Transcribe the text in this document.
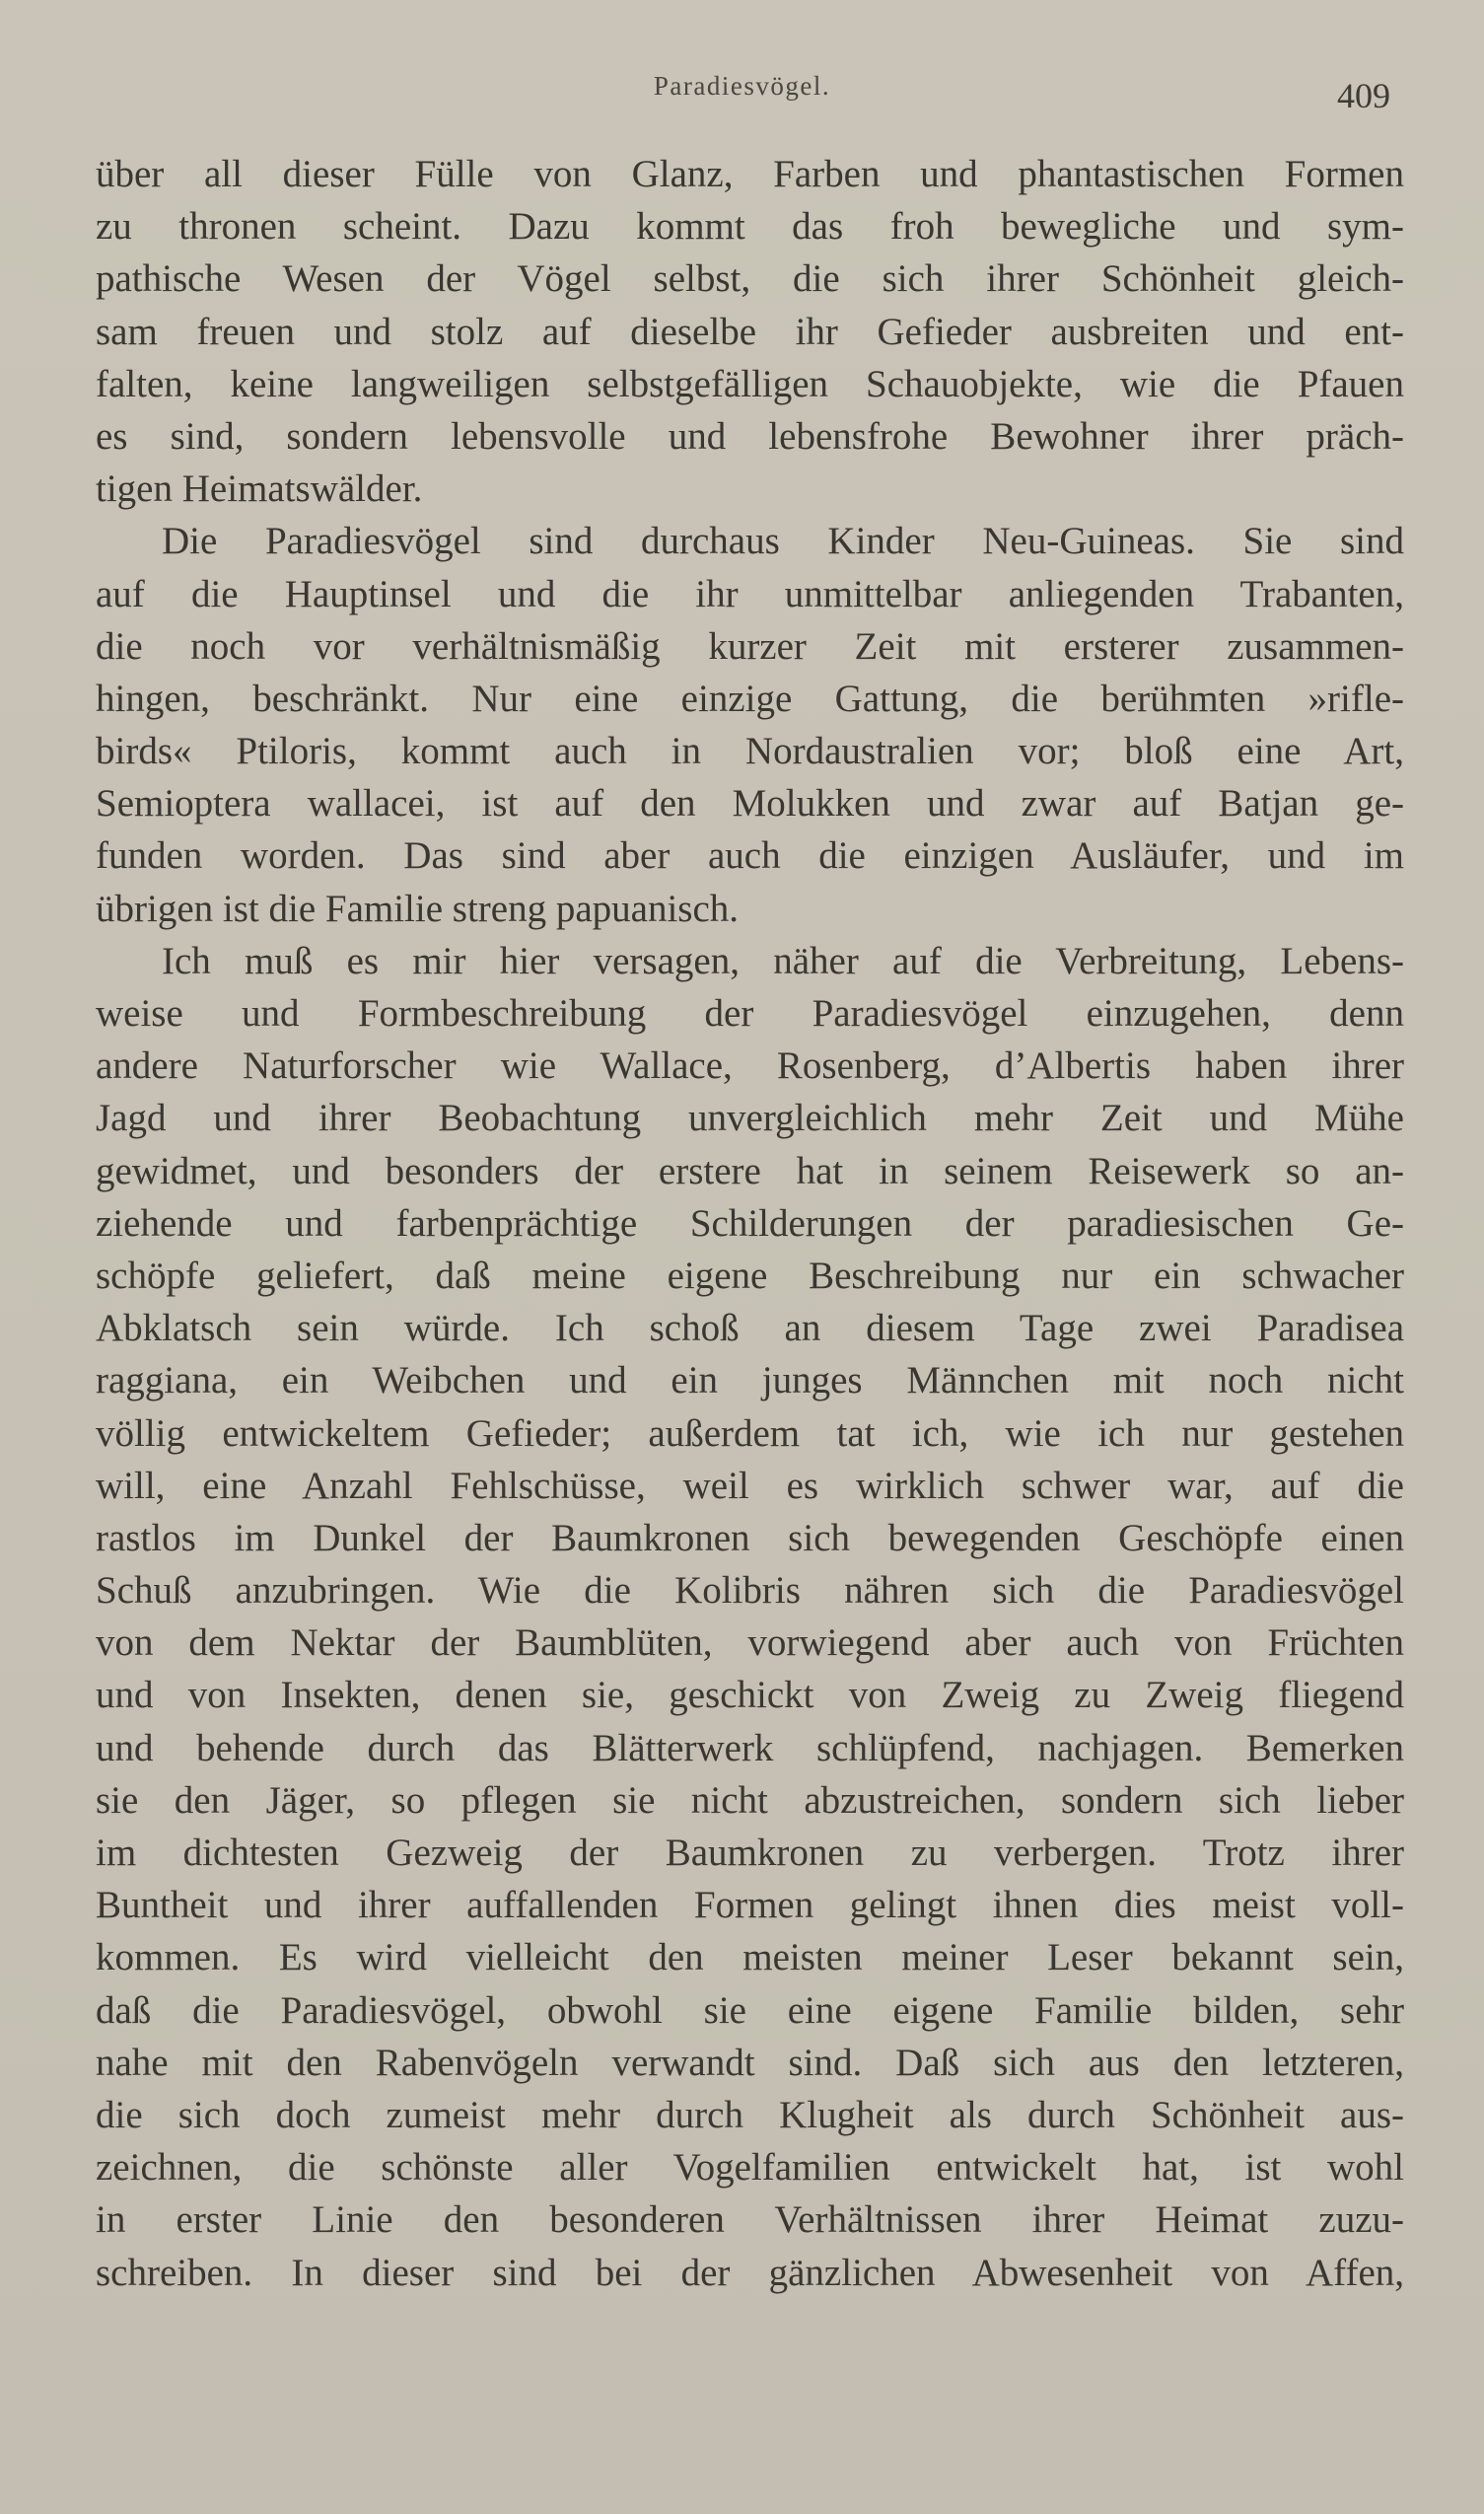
Paradiesvögel.	409
über all dieser Fülle von Glanz, Farben und phantastischen Formen
zu thronen scheint. Dazu kommt das froh bewegliche und sym-
pathische Wesen der Vögel selbst, die sich ihrer Schönheit gleich-
sam freuen und stolz auf dieselbe ihr Gefieder ausbreiten und ent-
falten, keine langweiligen selbstgefälligen Schauobjekte, wie die Pfauen
es sind, sondern lebensvolle und lebensfrohe Bewohner ihrer präch-
tigen Heimatswälder.
Die Paradiesvögel sind durchaus Kinder Neu-Guineas. Sie sind
auf die Hauptinsel und die ihr unmittelbar anliegenden Trabanten,
die noch vor verhältnismäßig kurzer Zeit mit ersterer zusammen-
hingen, beschränkt. Nur eine einzige Gattung, die berühmten »rifle-
birds« Ptiloris, kommt auch in Nordaustralien vor; bloß eine Art,
Semioptera wallacei, ist auf den Molukken und zwar auf Batjan ge-
funden worden. Das sind aber auch die einzigen Ausläufer, und im
übrigen ist die Familie streng papuanisch.
Ich muß es mir hier versagen, näher auf die Verbreitung, Lebens-
weise und Formbeschreibung der Paradiesvögel einzugehen, denn
andere Naturforscher wie Wallace, Rosenberg, d’Albertis haben ihrer
Jagd und ihrer Beobachtung unvergleichlich mehr Zeit und Mühe
gewidmet, und besonders der erstere hat in seinem Reisewerk so an-
ziehende und farbenprächtige Schilderungen der paradiesischen Ge-
schöpfe geliefert, daß meine eigene Beschreibung nur ein schwacher
Abklatsch sein würde. Ich schoß an diesem Tage zwei Paradisea
raggiana, ein Weibchen und ein junges Männchen mit noch nicht
völlig entwickeltem Gefieder; außerdem tat ich, wie ich nur gestehen
will, eine Anzahl Fehlschüsse, weil es wirklich schwer war, auf die
rastlos im Dunkel der Baumkronen sich bewegenden Geschöpfe einen
Schuß anzubringen. Wie die Kolibris nähren sich die Paradiesvögel
von dem Nektar der Baumblüten, vorwiegend aber auch von Früchten
und von Insekten, denen sie, geschickt von Zweig zu Zweig fliegend
und behende durch das Blätterwerk schlüpfend, nachjagen. Bemerken
sie den Jäger, so pflegen sie nicht abzustreichen, sondern sich lieber
im dichtesten Gezweig der Baumkronen zu verbergen. Trotz ihrer
Buntheit und ihrer auffallenden Formen gelingt ihnen dies meist voll-
kommen. Es wird vielleicht den meisten meiner Leser bekannt sein,
daß die Paradiesvögel, obwohl sie eine eigene Familie bilden, sehr
nahe mit den Rabenvögeln verwandt sind. Daß sich aus den letzteren,
die sich doch zumeist mehr durch Klugheit als durch Schönheit aus-
zeichnen, die schönste aller Vogelfamilien entwickelt hat, ist wohl
in erster Linie den besonderen Verhältnissen ihrer Heimat zuzu-
schreiben. In dieser sind bei der gänzlichen Abwesenheit von Affen,
